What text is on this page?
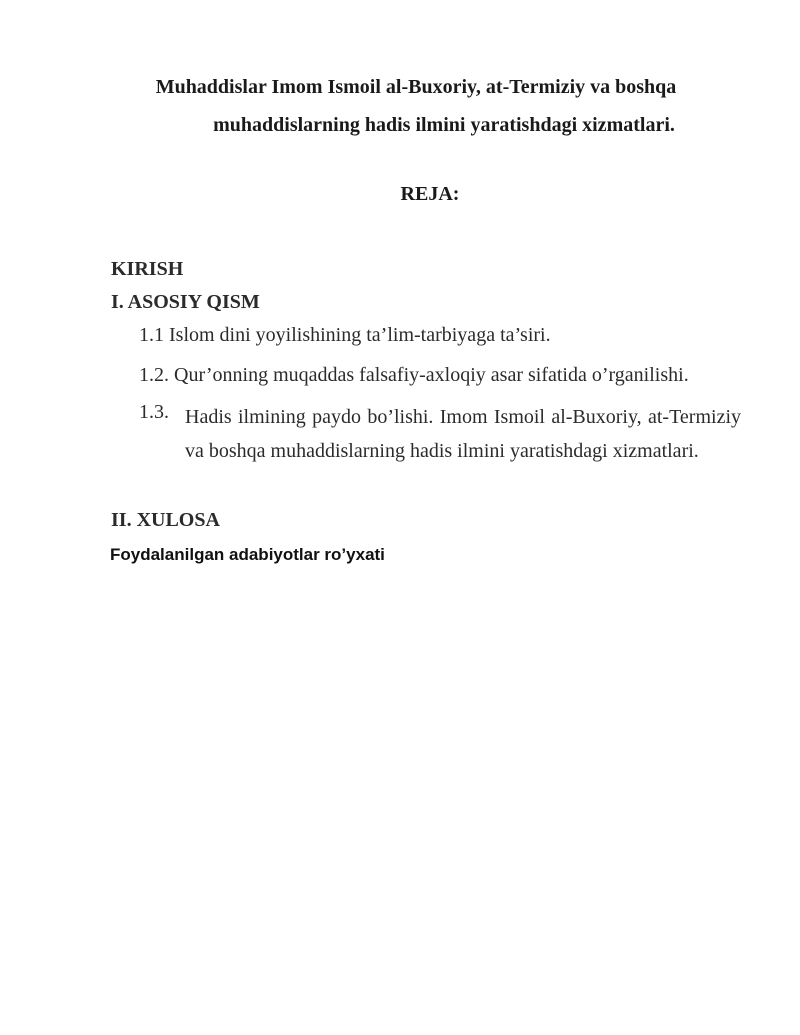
Muhaddislar Imom Ismoil al-Buxoriy, at-Termiziy va boshqa
muhaddislarning hadis ilmini yaratishdagi xizmatlari.
REJA:
KIRISH
I. ASOSIY QISM
1.1 Islom dini yoyilishining ta’lim-tarbiyaga ta’siri.
1.2. Qur’onning muqaddas falsafiy-axloqiy asar sifatida o’rganilishi.
1.3. Hadis ilmining paydo bo’lishi. Imom Ismoil al-Buxoriy, at-Termiziy va boshqa muhaddislarning hadis ilmini yaratishdagi xizmatlari.
II. XULOSA
Foydalanilgan adabiyotlar ro’yxati
